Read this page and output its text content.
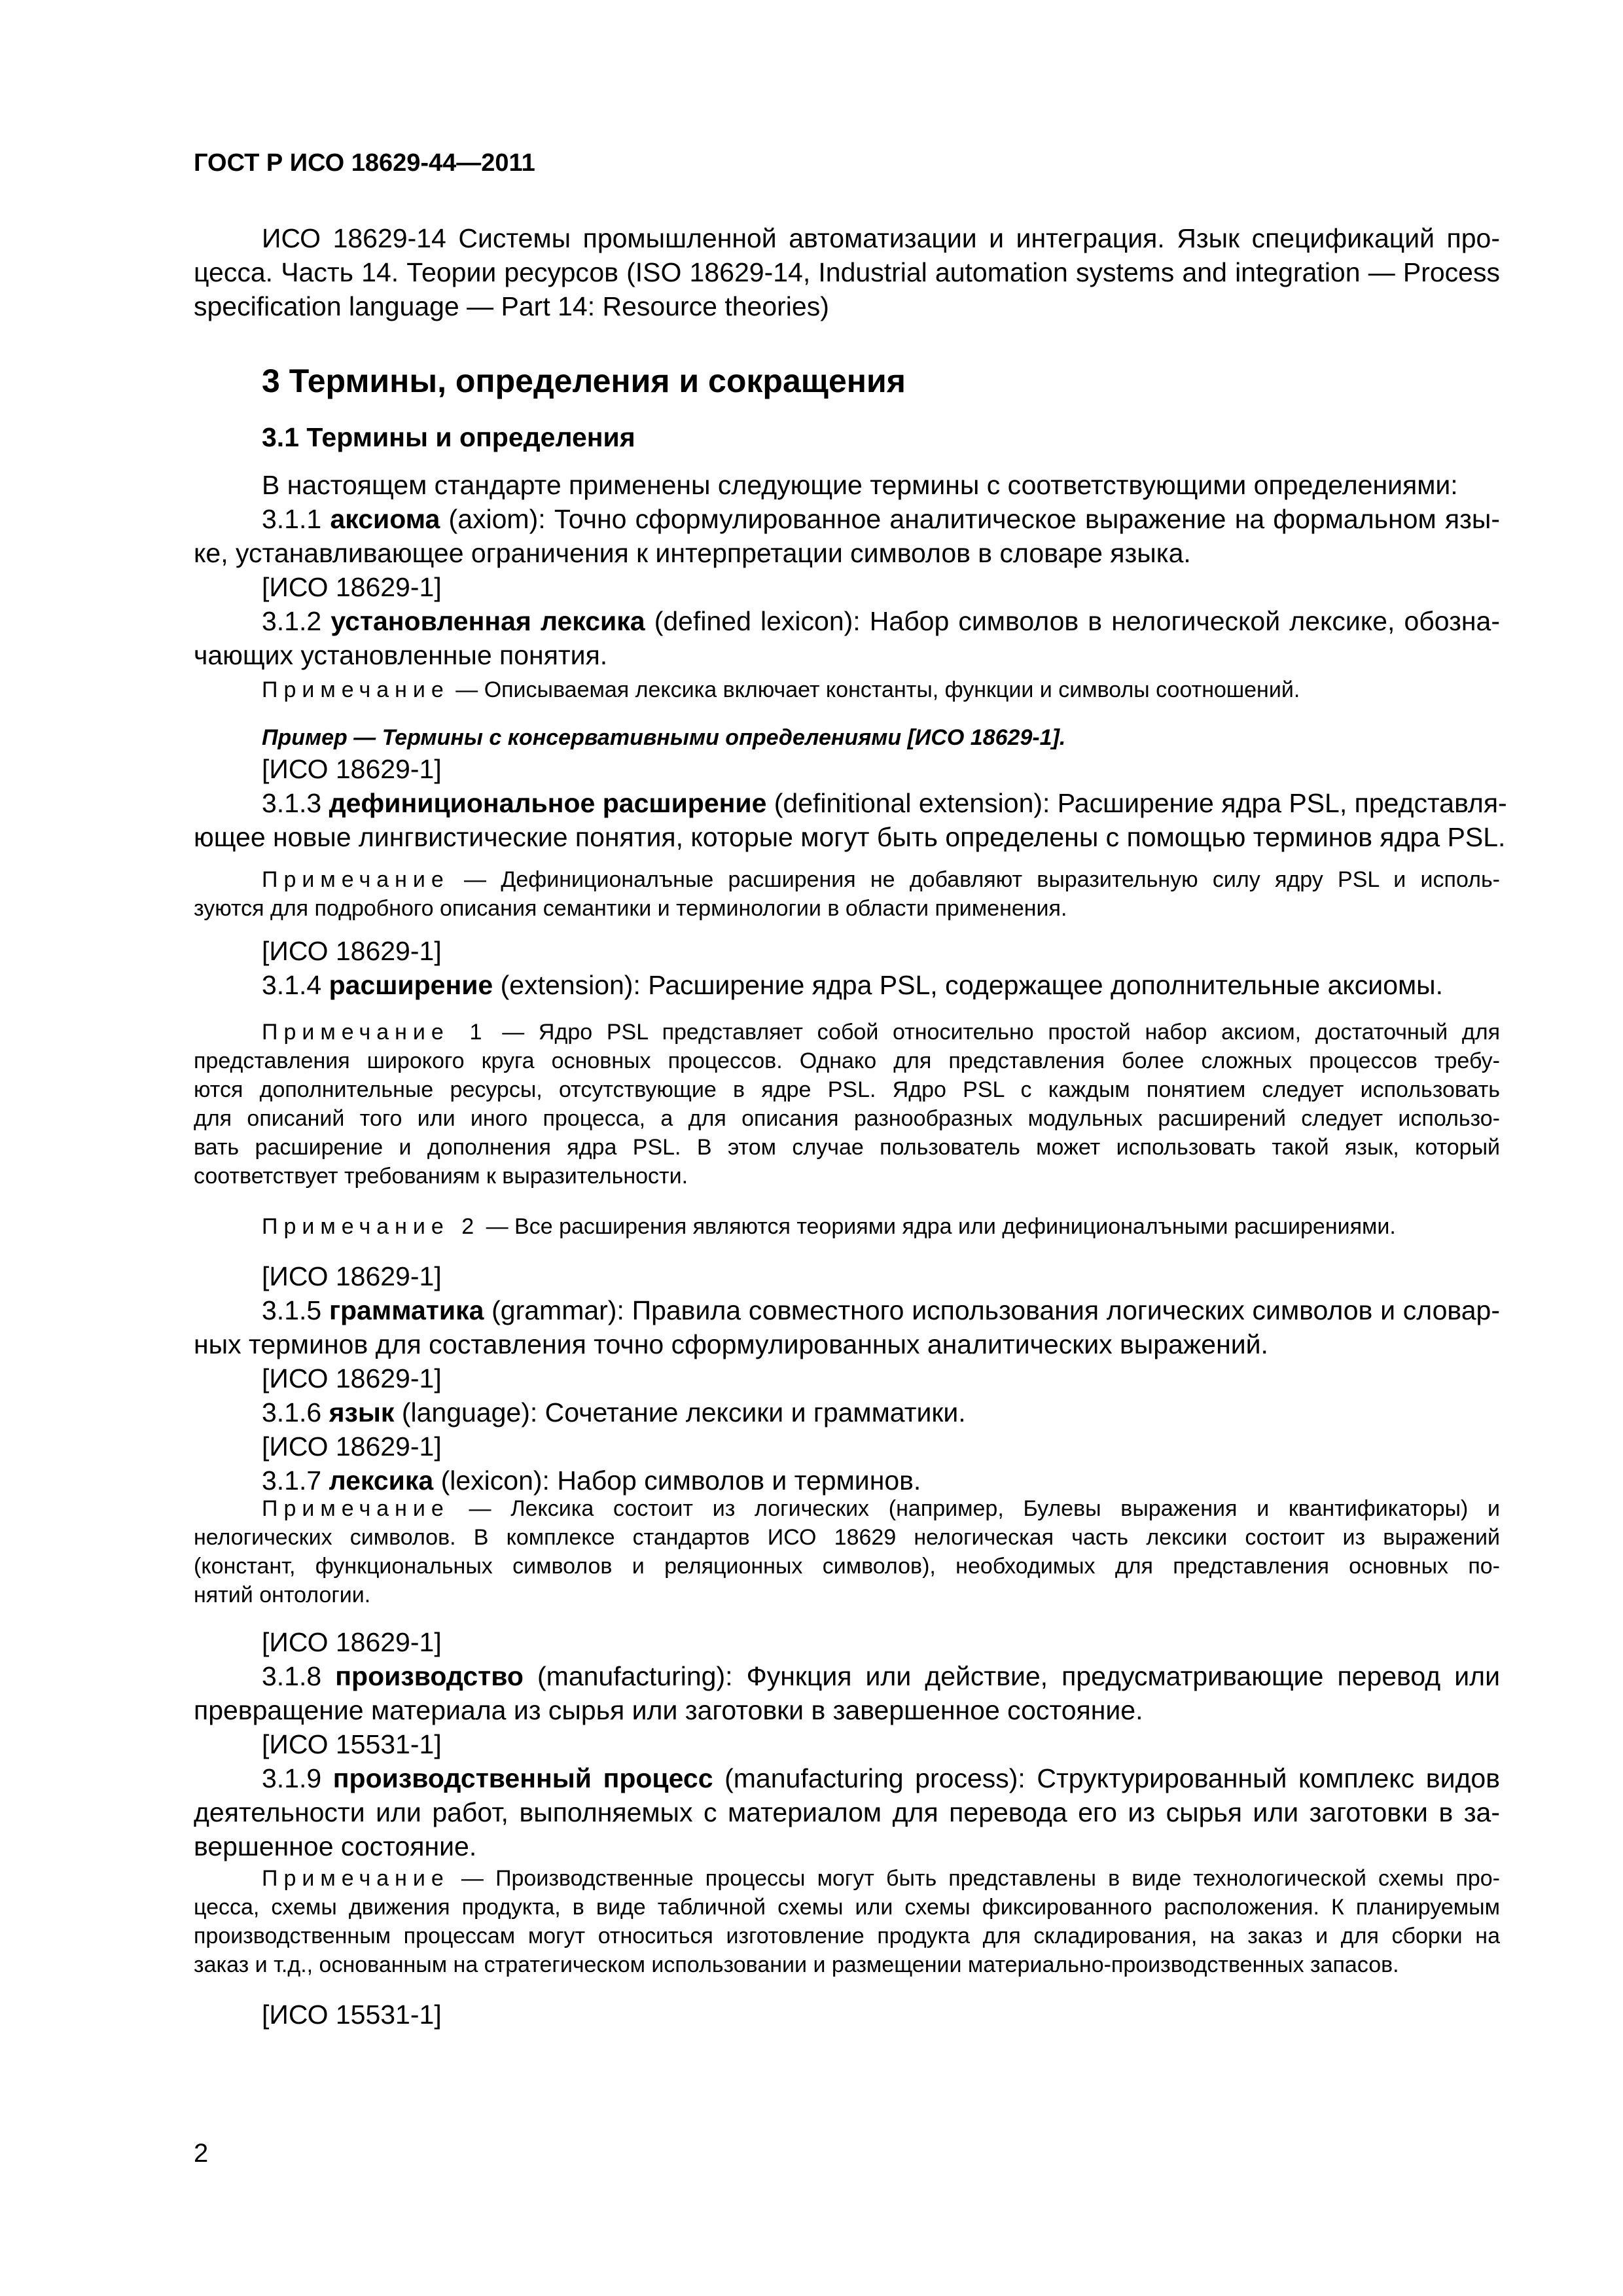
ГОСТ Р ИСО 18629-44—2011
ИСО 18629-14 Системы промышленной автоматизации и интеграция. Язык спецификаций про-
цесса. Часть 14. Теории ресурсов (ISO 18629-14, Industrial automation systems and integration — Process
specification language — Part 14: Resource theories)
3 Термины, определения и сокращения
3.1 Термины и определения
В настоящем стандарте применены следующие термины с соответствующими определениями:
3.1.1 аксиома (axiom): Точно сформулированное аналитическое выражение на формальном язы-
ке, устанавливающее ограничения к интерпретации символов в словаре языка.
[ИСО 18629-1]
3.1.2 установленная лексика (defined lexicon): Набор символов в нелогической лексике, обозна-
чающих установленные понятия.
Примечание — Описываемая лексика включает константы, функции и символы соотношений.
Пример — Термины с консервативными определениями [ИСО 18629-1].
[ИСО 18629-1]
3.1.3 дефинициональное расширение (definitional extension): Расширение ядра PSL, представля-
ющее новые лингвистические понятия, которые могут быть определены с помощью терминов ядра PSL.
Примечание — Дефиниционалъные расширения не добавляют выразительную силу ядру PSL и исполь-
зуются для подробного описания семантики и терминологии в области применения.
[ИСО 18629-1]
3.1.4 расширение (extension): Расширение ядра PSL, содержащее дополнительные аксиомы.
Примечание 1 — Ядро PSL представляет собой относительно простой набор аксиом, достаточный для
представления широкого круга основных процессов. Однако для представления более сложных процессов требу-
ются дополнительные ресурсы, отсутствующие в ядре PSL. Ядро PSL с каждым понятием следует использовать
для описаний того или иного процесса, а для описания разнообразных модульных расширений следует использо-
вать расширение и дополнения ядра PSL. В этом случае пользователь может использовать такой язык, который
соответствует требованиям к выразительности.
Примечание 2 — Все расширения являются теориями ядра или дефиниционалъными расширениями.
[ИСО 18629-1]
3.1.5 грамматика (grammar): Правила совместного использования логических символов и словар-
ных терминов для составления точно сформулированных аналитических выражений.
[ИСО 18629-1]
3.1.6 язык (language): Сочетание лексики и грамматики.
[ИСО 18629-1]
3.1.7 лексика (lexicon): Набор символов и терминов.
Примечание — Лексика состоит из логических (например, Булевы выражения и квантификаторы) и
нелогических символов. В комплексе стандартов ИСО 18629 нелогическая часть лексики состоит из выражений
(констант, функциональных символов и реляционных символов), необходимых для представления основных по-
нятий онтологии.
[ИСО 18629-1]
3.1.8 производство (manufacturing): Функция или действие, предусматривающие перевод или
превращение материала из сырья или заготовки в завершенное состояние.
[ИСО 15531-1]
3.1.9 производственный процесс (manufacturing process): Структурированный комплекс видов
деятельности или работ, выполняемых с материалом для перевода его из сырья или заготовки в за-
вершенное состояние.
Примечание — Производственные процессы могут быть представлены в виде технологической схемы про-
цесса, схемы движения продукта, в виде табличной схемы или схемы фиксированного расположения. К планируемым
производственным процессам могут относиться изготовление продукта для складирования, на заказ и для сборки на
заказ и т.д., основанным на стратегическом использовании и размещении материально-производственных запасов.
[ИСО 15531-1]
2
